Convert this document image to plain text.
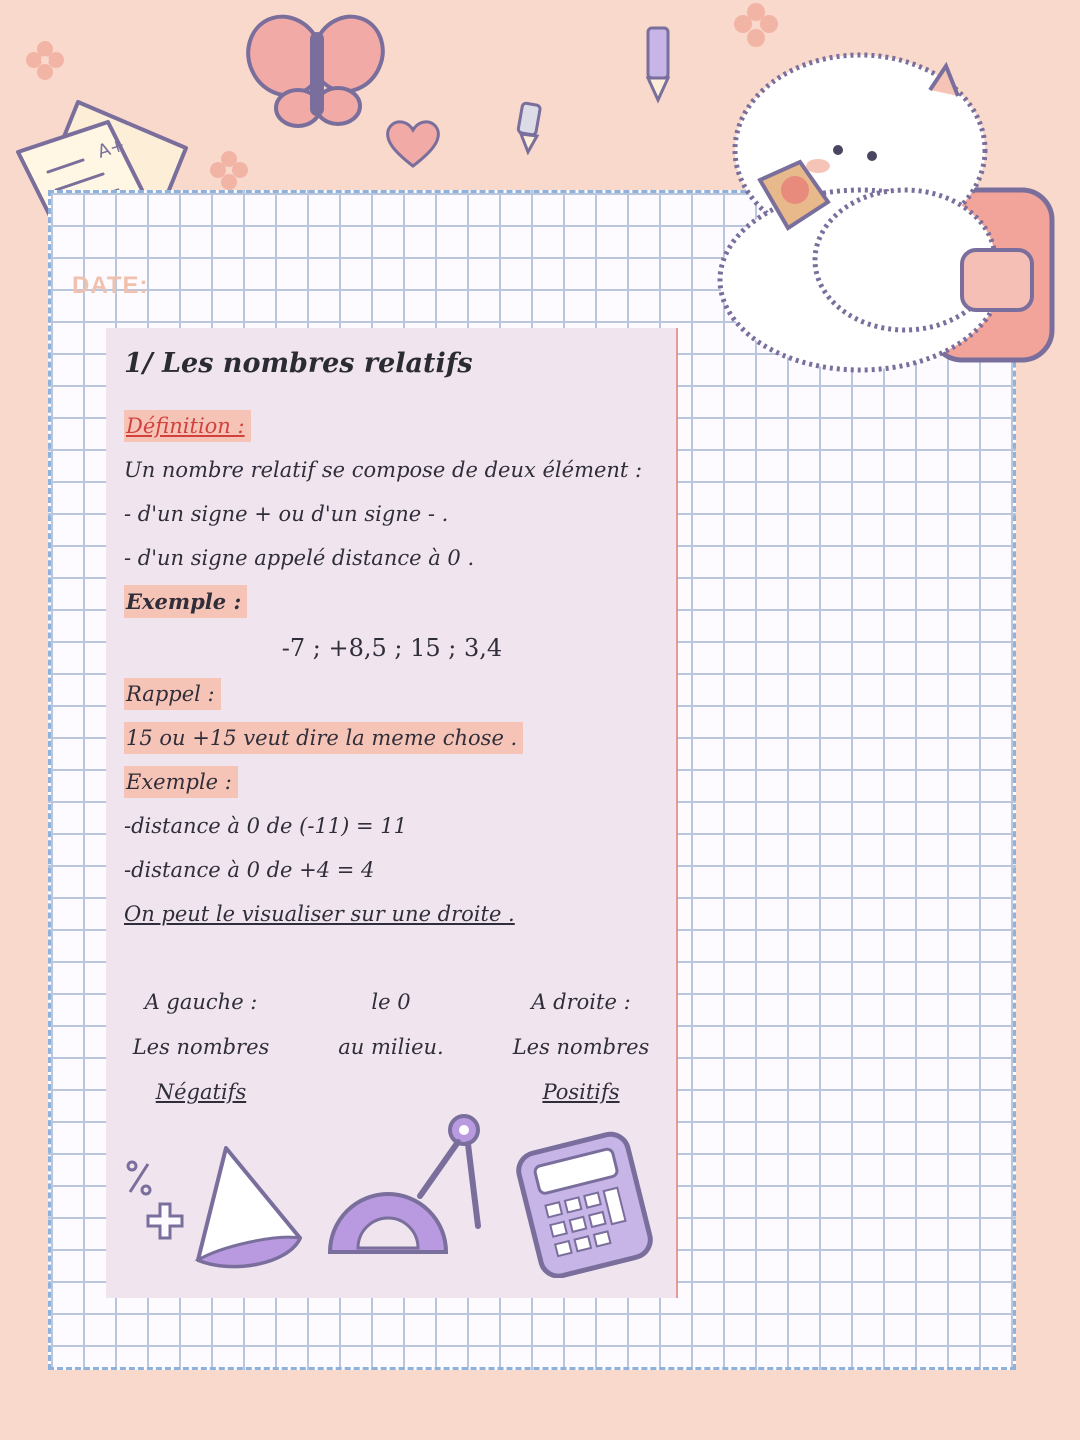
A+
DATE:
1/ Les nombres relatifs
Définition :
Un nombre relatif se compose de deux élément :
- d'un signe + ou d'un signe - .
- d'un signe appelé distance à 0 .
Exemple :
-7 ; +8,5 ; 15 ; 3,4
Rappel :
15 ou +15 veut dire la meme chose .
Exemple :
-distance à 0 de (-11) = 11
-distance à 0 de +4 = 4
On peut le visualiser sur une droite .
A gauche :
Les nombres
Négatifs
le 0
au milieu.
A droite :
Les nombres
Positifs
